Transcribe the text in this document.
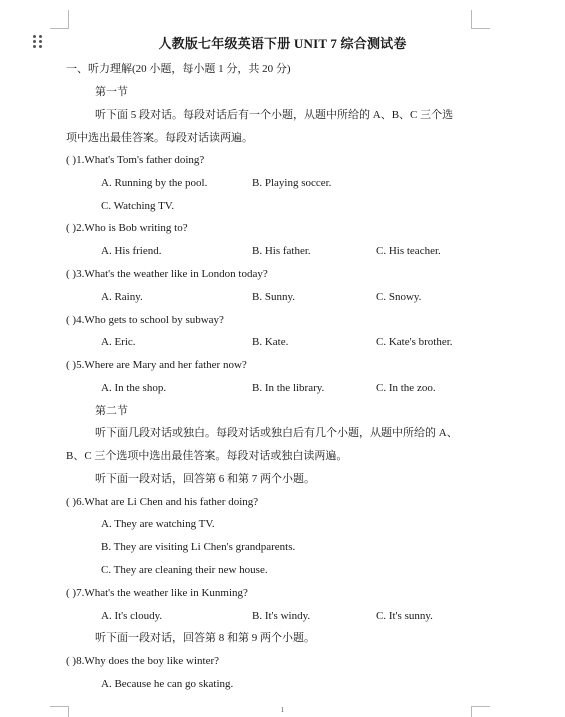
人教版七年级英语下册 UNIT 7 综合测试卷
一、听力理解(20 小题，每小题 1 分，共 20 分)
第一节
听下面 5 段对话。每段对话后有一个小题，从题中所给的 A、B、C 三个选
项中选出最佳答案。每段对话读两遍。
( )1.What's Tom's father doing?
A. Running by the pool.	B. Playing soccer.
C. Watching TV.
( )2.Who is Bob writing to?
A. His friend.	B. His father.	C. His teacher.
( )3.What's the weather like in London today?
A. Rainy.	B. Sunny.	C. Snowy.
( )4.Who gets to school by subway?
A. Eric.	B. Kate.	C. Kate's brother.
( )5.Where are Mary and her father now?
A. In the shop.	B. In the library.	C. In the zoo.
第二节
听下面几段对话或独白。每段对话或独白后有几个小题，从题中所给的 A、
B、C 三个选项中选出最佳答案。每段对话或独白读两遍。
听下面一段对话，回答第 6 和第 7 两个小题。
( )6.What are Li Chen and his father doing?
A. They are watching TV.
B. They are visiting Li Chen's grandparents.
C. They are cleaning their new house.
( )7.What's the weather like in Kunming?
A. It's cloudy.	B. It's windy.	C. It's sunny.
听下面一段对话，回答第 8 和第 9 两个小题。
( )8.Why does the boy like winter?
A. Because he can go skating.
1
